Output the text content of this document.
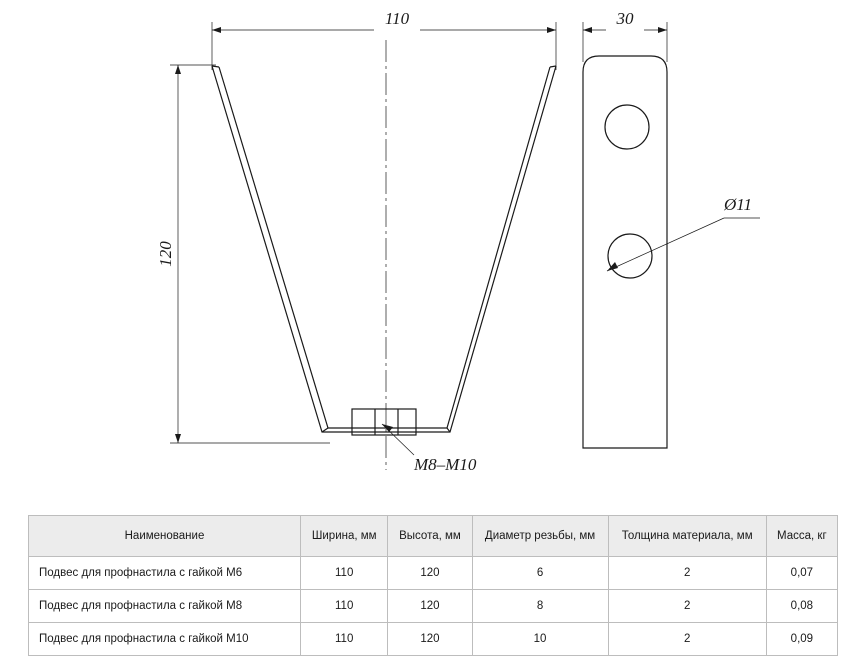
110
120
M8–M10
30
Ø11
Наименование	Ширина, мм	Высота, мм	Диаметр резьбы, мм	Толщина материала, мм	Масса, кг
Подвес для профнастила с гайкой М6	110	120	6	2	0,07
Подвес для профнастила с гайкой М8	110	120	8	2	0,08
Подвес для профнастила с гайкой М10	110	120	10	2	0,09
